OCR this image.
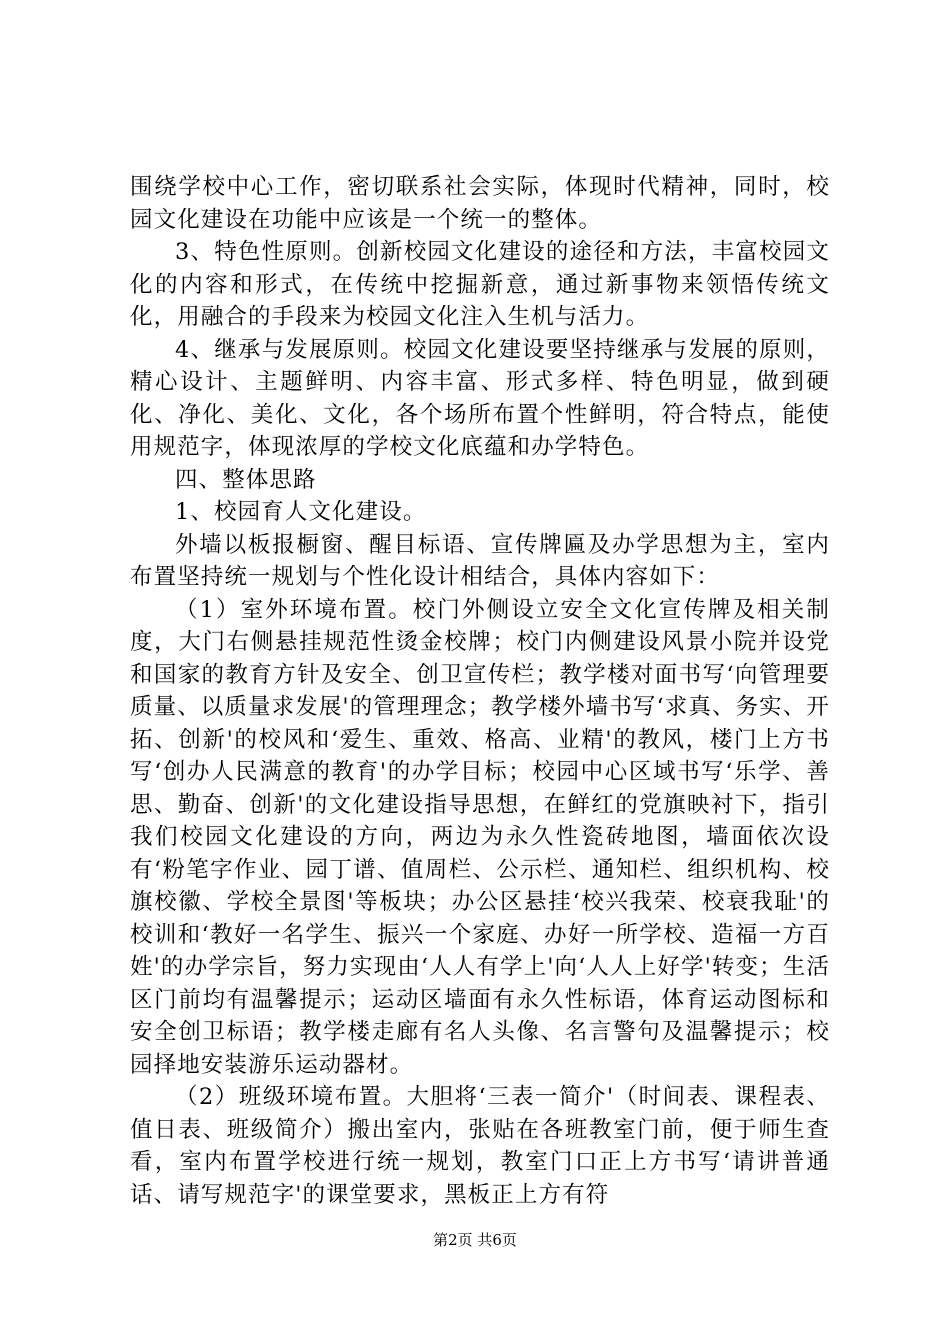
围绕学校中心工作，密切联系社会实际，体现时代精神，同时，校园文化建设在功能中应该是一个统一的整体。

3、特色性原则。创新校园文化建设的途径和方法，丰富校园文化的内容和形式，在传统中挖掘新意，通过新事物来领悟传统文化，用融合的手段来为校园文化注入生机与活力。

4、继承与发展原则。校园文化建设要坚持继承与发展的原则，精心设计、主题鲜明、内容丰富、形式多样、特色明显，做到硬化、净化、美化、文化，各个场所布置个性鲜明，符合特点，能使用规范字，体现浓厚的学校文化底蕴和办学特色。

四、整体思路

1、校园育人文化建设。

外墙以板报橱窗、醒目标语、宣传牌匾及办学思想为主，室内布置坚持统一规划与个性化设计相结合，具体内容如下：

（1）室外环境布置。校门外侧设立安全文化宣传牌及相关制度，大门右侧悬挂规范性烫金校牌；校门内侧建设风景小院并设党和国家的教育方针及安全、创卫宣传栏；教学楼对面书写‘向管理要质量、以质量求发展'的管理理念；教学楼外墙书写‘求真、务实、开拓、创新'的校风和‘爱生、重效、格高、业精'的教风，楼门上方书写‘创办人民满意的教育'的办学目标；校园中心区域书写‘乐学、善思、勤奋、创新'的文化建设指导思想，在鲜红的党旗映衬下，指引我们校园文化建设的方向，两边为永久性瓷砖地图，墙面依次设有‘粉笔字作业、园丁谱、值周栏、公示栏、通知栏、组织机构、校旗校徽、学校全景图'等板块；办公区悬挂‘校兴我荣、校衰我耻'的校训和‘教好一名学生、振兴一个家庭、办好一所学校、造福一方百姓'的办学宗旨，努力实现由‘人人有学上'向‘人人上好学'转变；生活区门前均有温馨提示；运动区墙面有永久性标语，体育运动图标和安全创卫标语；教学楼走廊有名人头像、名言警句及温馨提示；校园择地安装游乐运动器材。

（2）班级环境布置。大胆将‘三表一简介'（时间表、课程表、值日表、班级简介）搬出室内，张贴在各班教室门前，便于师生查看，室内布置学校进行统一规划，教室门口正上方书写‘请讲普通话、请写规范字'的课堂要求，黑板正上方有符

第2页 共6页
